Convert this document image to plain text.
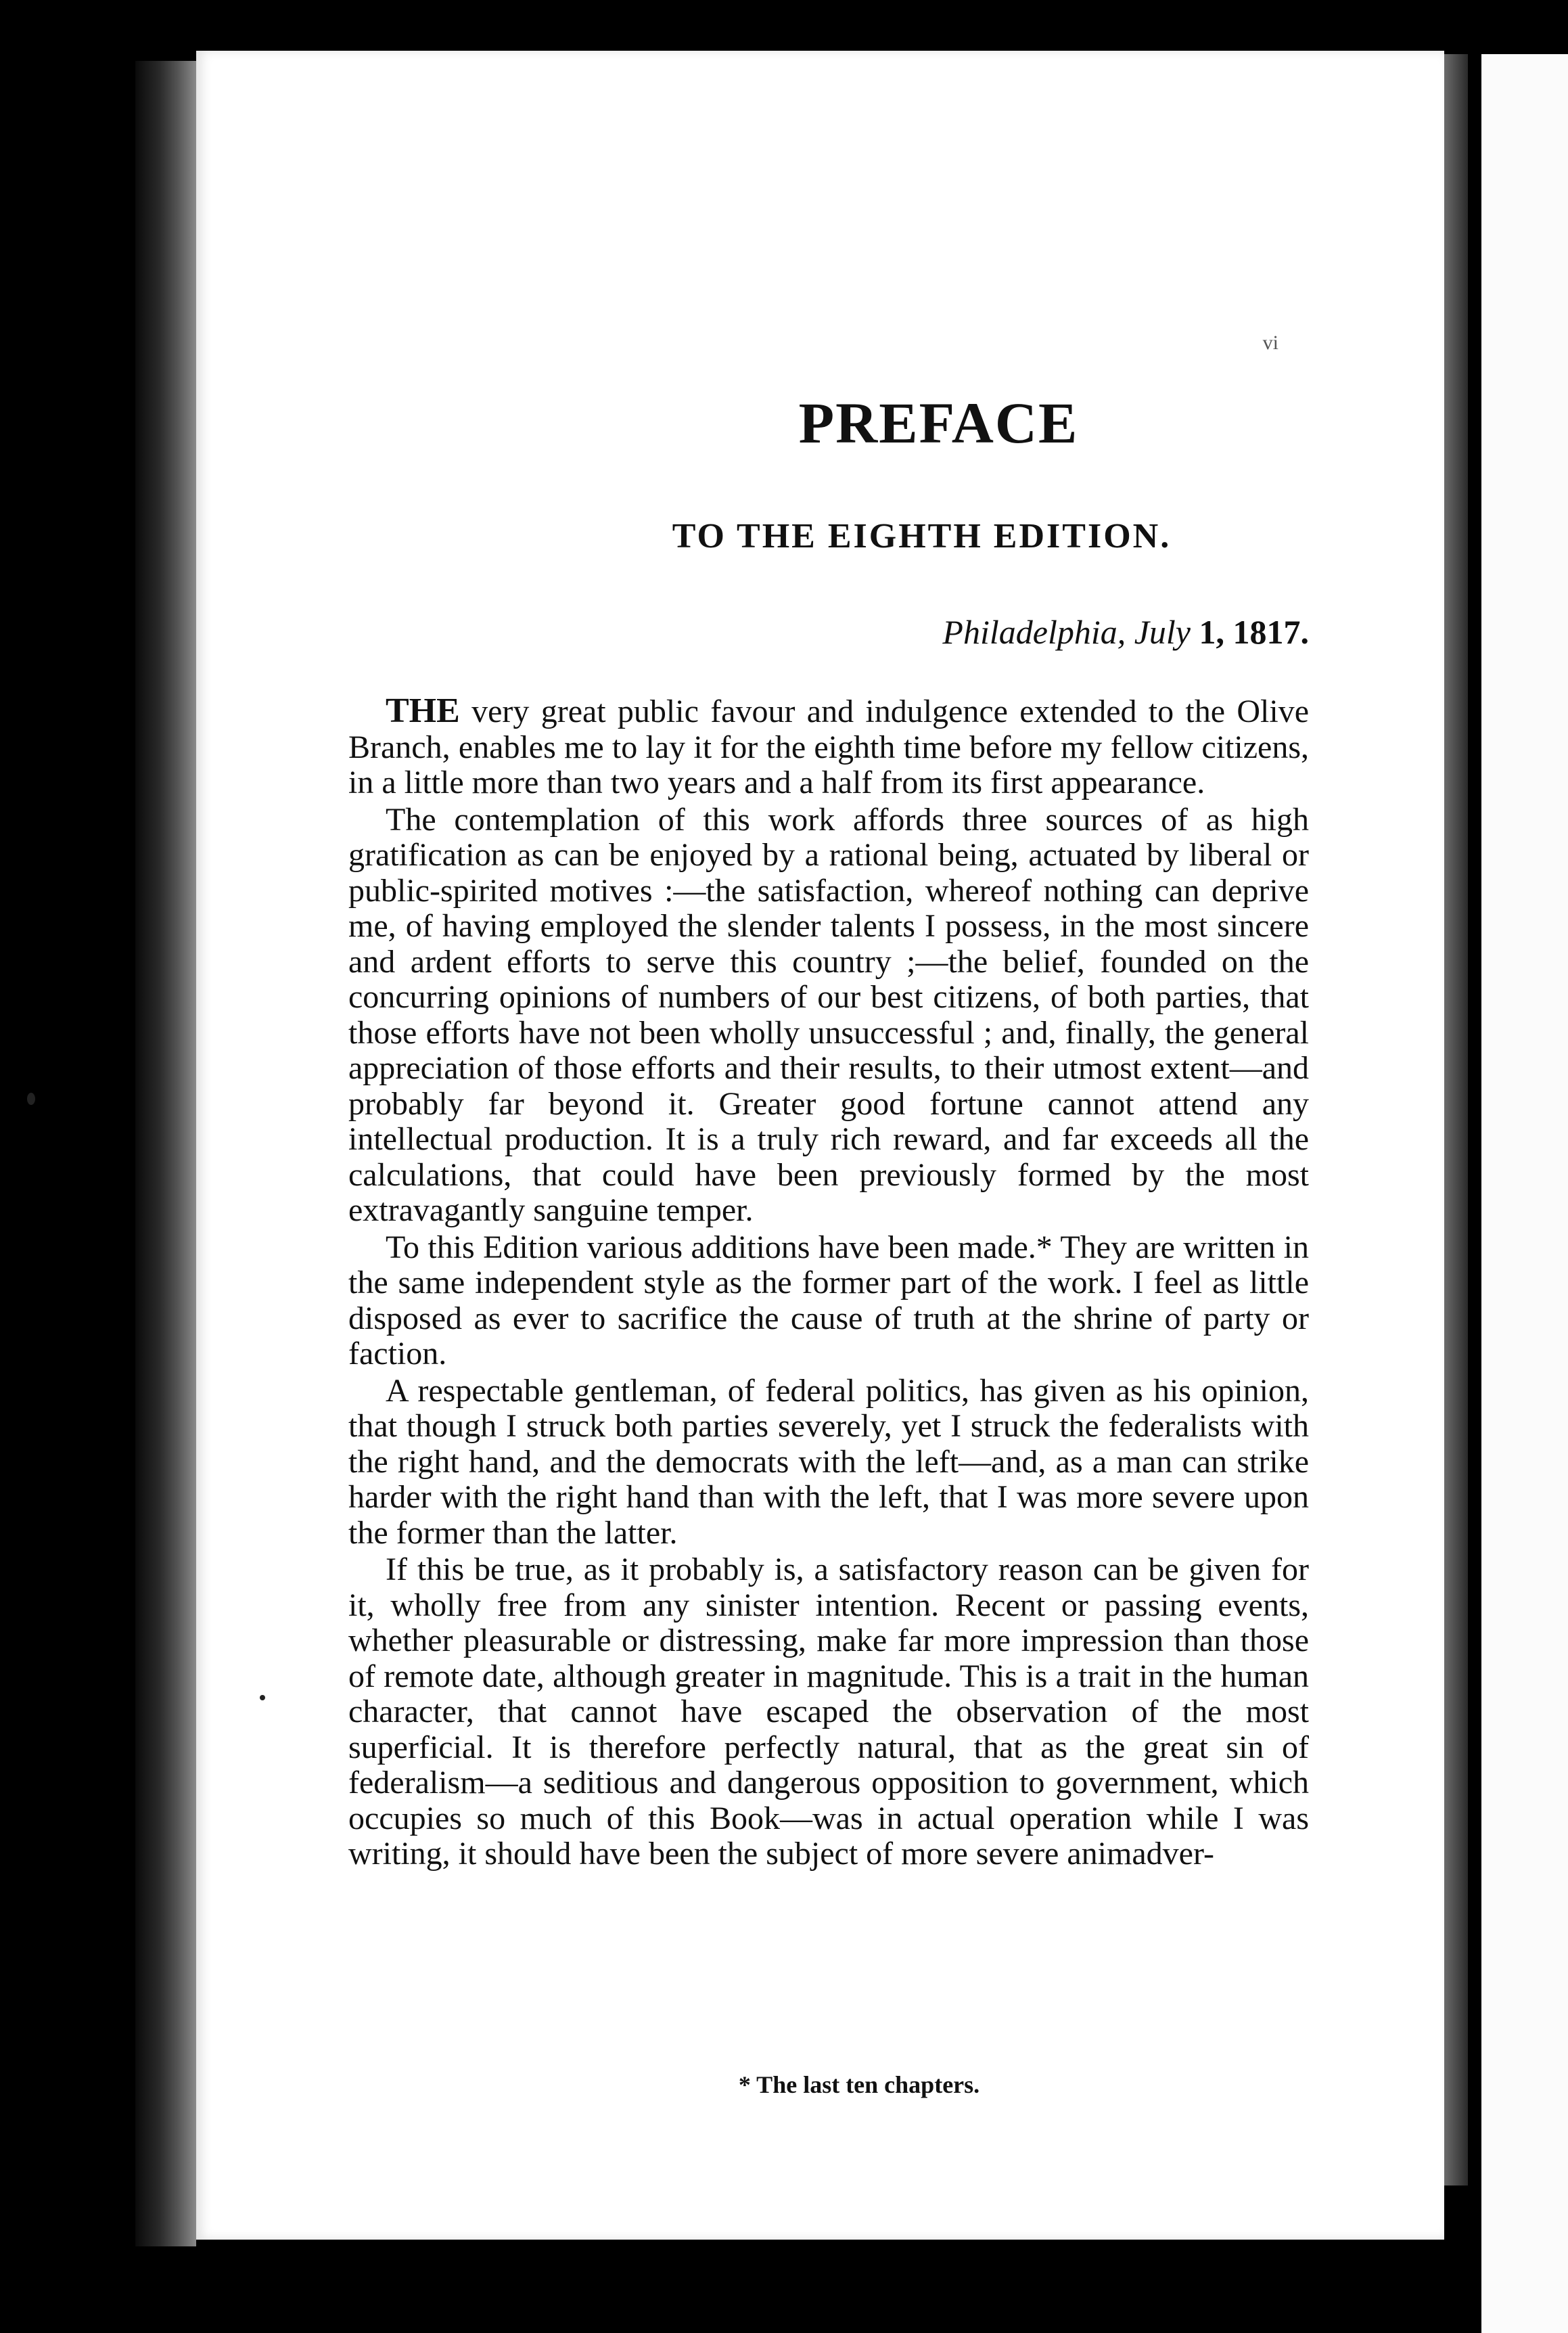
vi
PREFACE
TO THE EIGHTH EDITION.
Philadelphia, July 1, 1817.

THE very great public favour and indulgence extended to the Olive Branch, enables me to lay it for the eighth time before my fellow citizens, in a little more than two years and a half from its first appearance.

The contemplation of this work affords three sources of as high gratification as can be enjoyed by a rational being, actuated by liberal or public-spirited motives :—the satisfaction, whereof nothing can deprive me, of having employed the slender talents I possess, in the most sincere and ardent efforts to serve this country ;—the belief, founded on the concurring opinions of numbers of our best citizens, of both parties, that those efforts have not been wholly unsuccessful ; and, finally, the general appreciation of those efforts and their results, to their utmost extent—and probably far beyond it. Greater good fortune cannot attend any intellectual production. It is a truly rich reward, and far exceeds all the calculations, that could have been previously formed by the most extravagantly sanguine temper.

To this Edition various additions have been made.* They are written in the same independent style as the former part of the work. I feel as little disposed as ever to sacrifice the cause of truth at the shrine of party or faction.

A respectable gentleman, of federal politics, has given as his opinion, that though I struck both parties severely, yet I struck the federalists with the right hand, and the democrats with the left—and, as a man can strike harder with the right hand than with the left, that I was more severe upon the former than the latter.

If this be true, as it probably is, a satisfactory reason can be given for it, wholly free from any sinister intention. Recent or passing events, whether pleasurable or distressing, make far more impression than those of remote date, although greater in magnitude. This is a trait in the human character, that cannot have escaped the observation of the most superficial. It is therefore perfectly natural, that as the great sin of federalism—a seditious and dangerous opposition to government, which occupies so much of this Book—was in actual operation while I was writing, it should have been the subject of more severe animadver-

* The last ten chapters.
